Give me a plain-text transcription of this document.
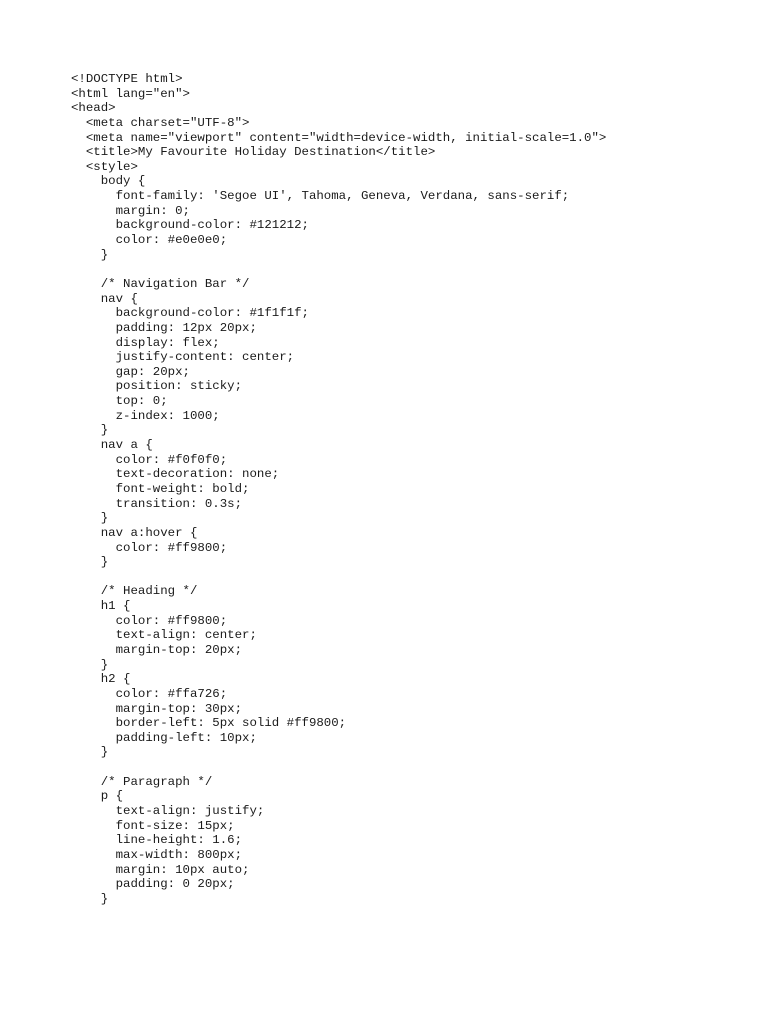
<!DOCTYPE html>
<html lang="en">
<head>
<meta charset="UTF-8">
<meta name="viewport" content="width=device-width, initial-scale=1.0">
<title>My Favourite Holiday Destination</title>
<style>
body {
font-family: 'Segoe UI', Tahoma, Geneva, Verdana, sans-serif;
margin: 0;
background-color: #121212;
color: #e0e0e0;
}
/* Navigation Bar */
nav {
background-color: #1f1f1f;
padding: 12px 20px;
display: flex;
justify-content: center;
gap: 20px;
position: sticky;
top: 0;
z-index: 1000;
}
nav a {
color: #f0f0f0;
text-decoration: none;
font-weight: bold;
transition: 0.3s;
}
nav a:hover {
color: #ff9800;
}
/* Heading */
h1 {
color: #ff9800;
text-align: center;
margin-top: 20px;
}
h2 {
color: #ffa726;
margin-top: 30px;
border-left: 5px solid #ff9800;
padding-left: 10px;
}
/* Paragraph */
p {
text-align: justify;
font-size: 15px;
line-height: 1.6;
max-width: 800px;
margin: 10px auto;
padding: 0 20px;
}
